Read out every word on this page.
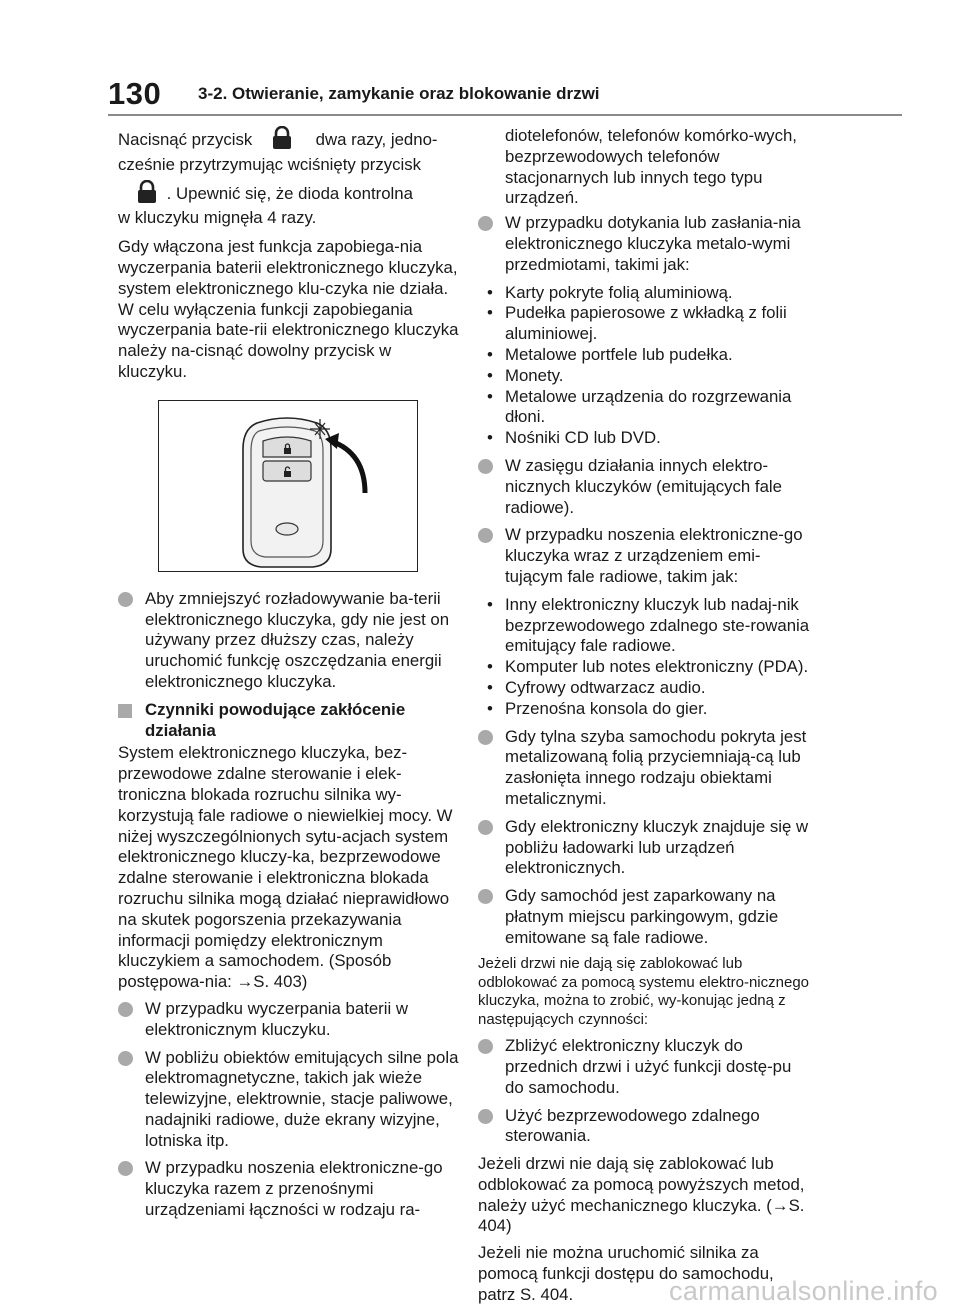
130 3-2. Otwieranie, zamykanie oraz blokowanie drzwi

Nacisnąć przycisk	dwa razy, jedno-

cześnie przytrzymując wciśnięty przycisk

. Upewnić się, że dioda kontrolna

w kluczyku mignęła 4 razy.

Gdy włączona jest funkcja zapobiega-nia wyczerpania baterii elektronicznego kluczyka, system elektronicznego klu-czyka nie działa. W celu wyłączenia funkcji zapobiegania wyczerpania bate-rii elektronicznego kluczyka należy na-cisnąć dowolny przycisk w kluczyku.

Aby zmniejszyć rozładowywanie ba-terii elektronicznego kluczyka, gdy nie jest on używany przez dłuższy czas, należy uruchomić funkcję oszczędzania energii elektronicznego kluczyka.
Czynniki powodujące zakłócenie działania

System elektronicznego kluczyka, bez-przewodowe zdalne sterowanie i elek-troniczna blokada rozruchu silnika wy-korzystują fale radiowe o niewielkiej mocy. W niżej wyszczególnionych sytu-acjach system elektronicznego kluczy-ka, bezprzewodowe zdalne sterowanie i elektroniczna blokada rozruchu silnika mogą działać nieprawidłowo na skutek pogorszenia przekazywania informacji pomiędzy elektronicznym kluczykiem a samochodem. (Sposób postępowa-nia: →S. 403)

W przypadku wyczerpania baterii w elektronicznym kluczyku.
W pobliżu obiektów emitujących silne pola elektromagnetyczne, takich jak wieże telewizyjne, elektrownie, stacje paliwowe, nadajniki radiowe, duże ekrany wizyjne, lotniska itp.
W przypadku noszenia elektroniczne-go kluczyka razem z przenośnymi urządzeniami łączności w rodzaju ra-

diotelefonów, telefonów komórko-wych, bezprzewodowych telefonów stacjonarnych lub innych tego typu urządzeń.

W przypadku dotykania lub zasłania-nia elektronicznego kluczyka metalo-wymi przedmiotami, takimi jak:
• Karty pokryte folią aluminiową.
• Pudełka papierosowe z wkładką z folii aluminiowej.
• Metalowe portfele lub pudełka.
• Monety.
• Metalowe urządzenia do rozgrzewania dłoni.
• Nośniki CD lub DVD.
W zasięgu działania innych elektro-nicznych kluczyków (emitujących fale radiowe).
W przypadku noszenia elektroniczne-go kluczyka wraz z urządzeniem emi-tującym fale radiowe, takim jak:
• Inny elektroniczny kluczyk lub nadaj-nik bezprzewodowego zdalnego ste-rowania emitujący fale radiowe.
• Komputer lub notes elektroniczny (PDA).
• Cyfrowy odtwarzacz audio.
• Przenośna konsola do gier.
Gdy tylna szyba samochodu pokryta jest metalizowaną folią przyciemniają-cą lub zasłonięta innego rodzaju obiektami metalicznymi.
Gdy elektroniczny kluczyk znajduje się w pobliżu ładowarki lub urządzeń elektronicznych.
Gdy samochód jest zaparkowany na płatnym miejscu parkingowym, gdzie emitowane są fale radiowe.

Jeżeli drzwi nie dają się zablokować lub odblokować za pomocą systemu elektro-nicznego kluczyka, można to zrobić, wy-konując jedną z następujących czynności:

Zbliżyć elektroniczny kluczyk do przednich drzwi i użyć funkcji dostę-pu do samochodu.
Użyć bezprzewodowego zdalnego sterowania.

Jeżeli drzwi nie dają się zablokować lub odblokować za pomocą powyższych metod, należy użyć mechanicznego kluczyka. (→S. 404)

Jeżeli nie można uruchomić silnika za pomocą funkcji dostępu do samochodu, patrz S. 404.	carmanualsonline.info
